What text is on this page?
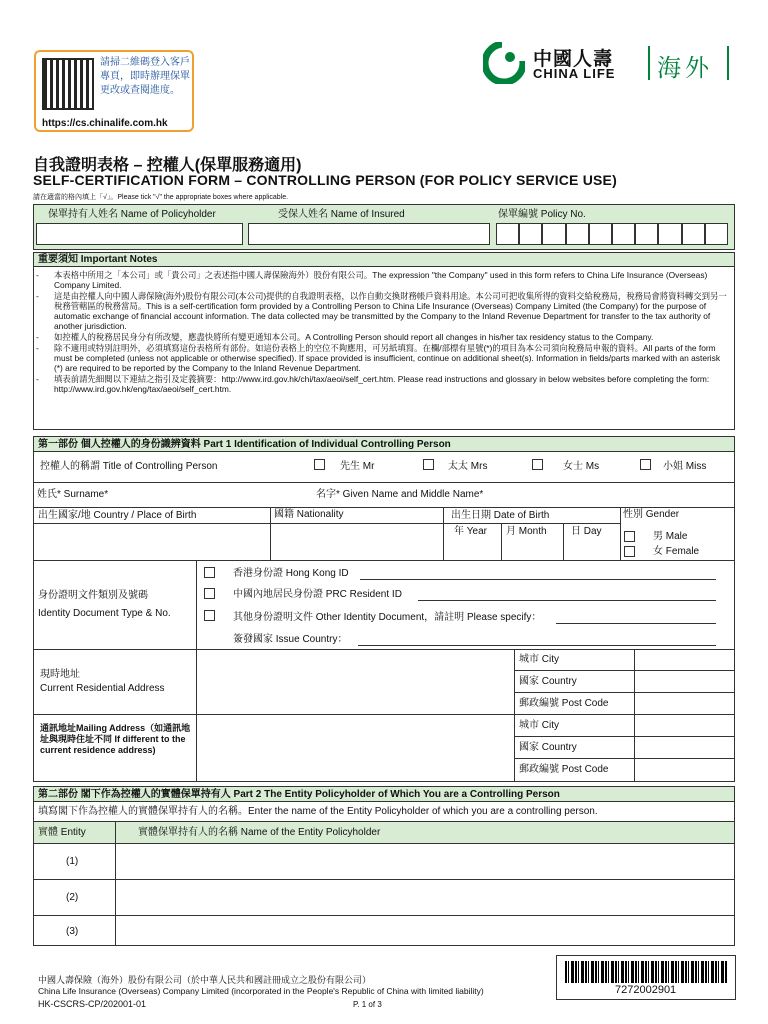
請掃二維碼登入客戶專頁，即時辦理保單更改或查閱進度。
https://cs.chinalife.com.hk
中國人壽
CHINA LIFE 海外
自我證明表格 – 控權人(保單服務適用)
SELF-CERTIFICATION FORM – CONTROLLING PERSON (FOR POLICY SERVICE USE)
請在適當的格內填上「√」。Please tick "√" the appropriate boxes where applicable.
保單持有人姓名 Name of Policyholder	受保人姓名 Name of Insured	保單編號 Policy No.
重要須知 Important Notes
-	本表格中所用之「本公司」或「貴公司」之表述指中國人壽保險海外）股份有限公司。The expression "the Company" used in this form refers to China Life Insurance (Overseas) Company Limited.
-	這是由控權人向中國人壽保險(海外)股份有限公司(本公司)提供的自我證明表格，以作自動交換財務帳戶資料用途。本公司可把收集所得的資料交給稅務局，稅務局會將資料轉交到另一稅務管轄區的稅務當局。This is a self-certification form provided by a Controlling Person to China Life Insurance (Overseas) Company Limited (the Company) for the purpose of automatic exchange of financial account information. The data collected may be transmitted by the Company to the Inland Revenue Department for transfer to the tax authority of another jurisdiction.
-	如控權人的稅務居民身分有所改變，應盡快將所有變更通知本公司。A Controlling Person should report all changes in his/her tax residency status to the Company.
-	除不適用或特別註明外，必須填寫這份表格所有部份。如這份表格上的空位不夠應用，可另紙填寫。在欄/部標有星號(*)的項目為本公司須向稅務局申報的資料。All parts of the form must be completed (unless not applicable or otherwise specified). If space provided is insufficient, continue on additional sheet(s). Information in fields/parts marked with an asterisk (*) are required to be reported by the Company to the Inland Revenue Department.
-	填表前請先細閱以下連結之指引及定義摘要：http://www.ird.gov.hk/chi/tax/aeoi/self_cert.htm. Please read instructions and glossary in below websites before completing the form: http://www.ird.gov.hk/eng/tax/aeoi/self_cert.htm.
第一部份 個人控權人的身份識辨資料 Part 1 Identification of Individual Controlling Person
控權人的稱謂 Title of Controlling Person	先生 Mr	太太 Mrs	女士 Ms	小姐 Miss
姓氏* Surname*	名字* Given Name and Middle Name*
出生國家/地 Country / Place of Birth	國籍 Nationality	出生日期 Date of Birth	性別 Gender
年 Year 月 Month 日 Day	男 Male
女 Female
身份證明文件類別及號碼
Identity Document Type & No.
香港身份證 Hong Kong ID
中國內地居民身份證 PRC Resident ID
其他身份證明文件 Other Identity Document，請註明 Please specify：
簽發國家 Issue Country：
現時地址
Current Residential Address
城市 City
國家 Country
郵政編號 Post Code
通訊地址Mailing Address（如通訊地址與現時住址不同 If different to the current residence address)
城市 City
國家 Country
郵政編號 Post Code
第二部份 閣下作為控權人的實體保單持有人 Part 2 The Entity Policyholder of Which You are a Controlling Person
填寫閣下作為控權人的實體保單持有人的名稱。Enter the name of the Entity Policyholder of which you are a controlling person.
實體 Entity	實體保單持有人的名稱 Name of the Entity Policyholder
(1)
(2)
(3)
中國人壽保險（海外）股份有限公司（於中華人民共和國註冊成立之股份有限公司）
China Life Insurance (Overseas) Company Limited (incorporated in the People's Republic of China with limited liability)
HK-CSCRS-CP/202001-01	P. 1 of 3
7272002901
